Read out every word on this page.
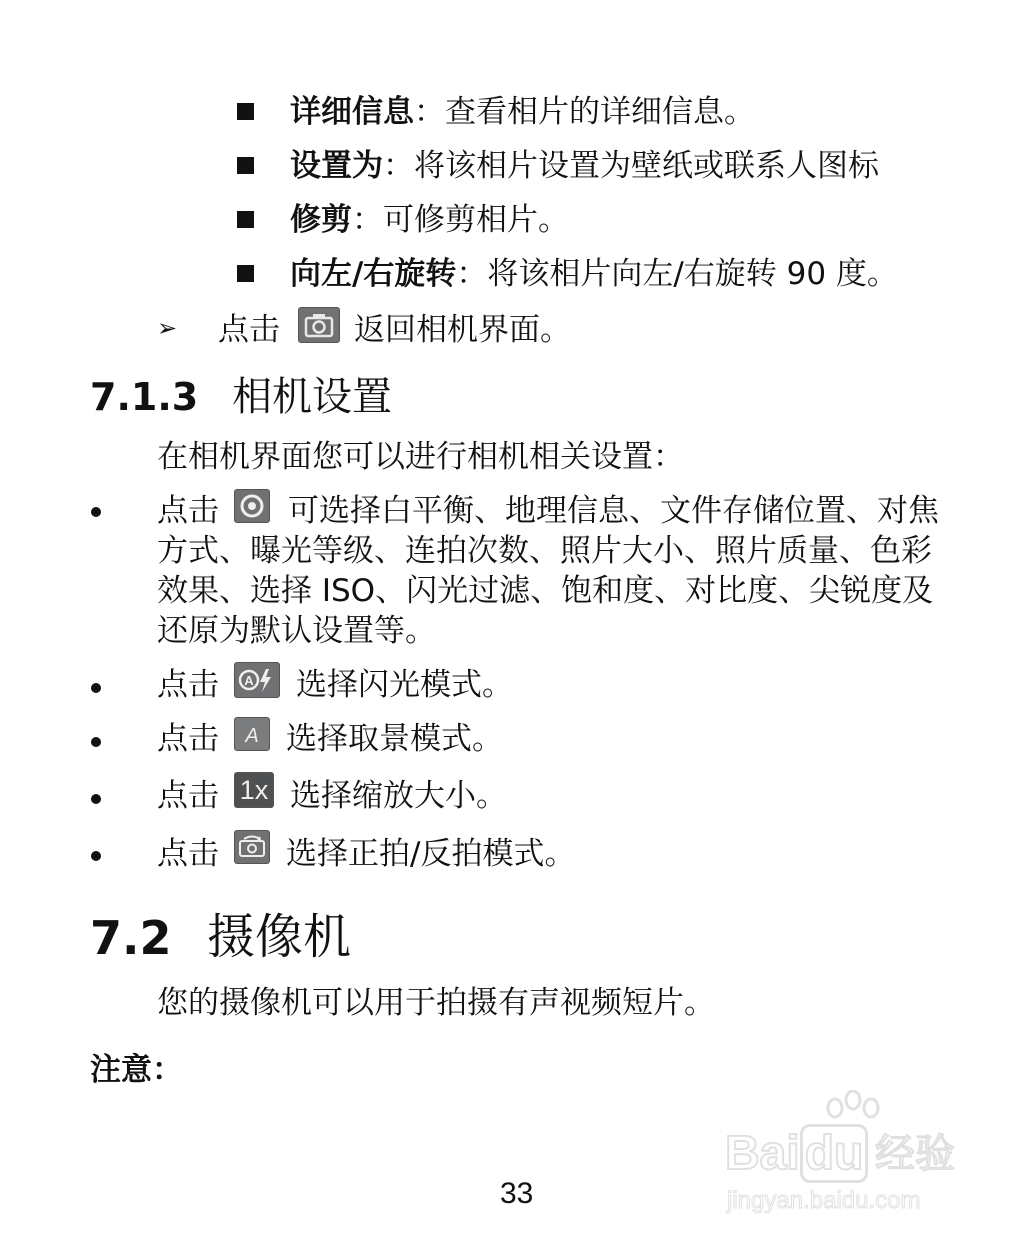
详细信息：查看相片的详细信息。
设置为：将该相片设置为壁纸或联系人图标
修剪：可修剪相片。
向左/右旋转：将该相片向左/右旋转 90 度。
➢ 点击 返回相机界面。
7.1.3 相机设置
在相机界面您可以进行相机相关设置：
点击 可选择白平衡、地理信息、文件存储位置、对焦
方式、曝光等级、连拍次数、照片大小、照片质量、色彩
效果、选择 ISO、闪光过滤、饱和度、对比度、尖锐度及
还原为默认设置等。
点击 A 选择闪光模式。
点击 A 选择取景模式。
点击 1x 选择缩放大小。
点击 选择正拍/反拍模式。
7.2 摄像机
您的摄像机可以用于拍摄有声视频短片。
注意：
33
Bai du 经验
jingyan.baidu.com
